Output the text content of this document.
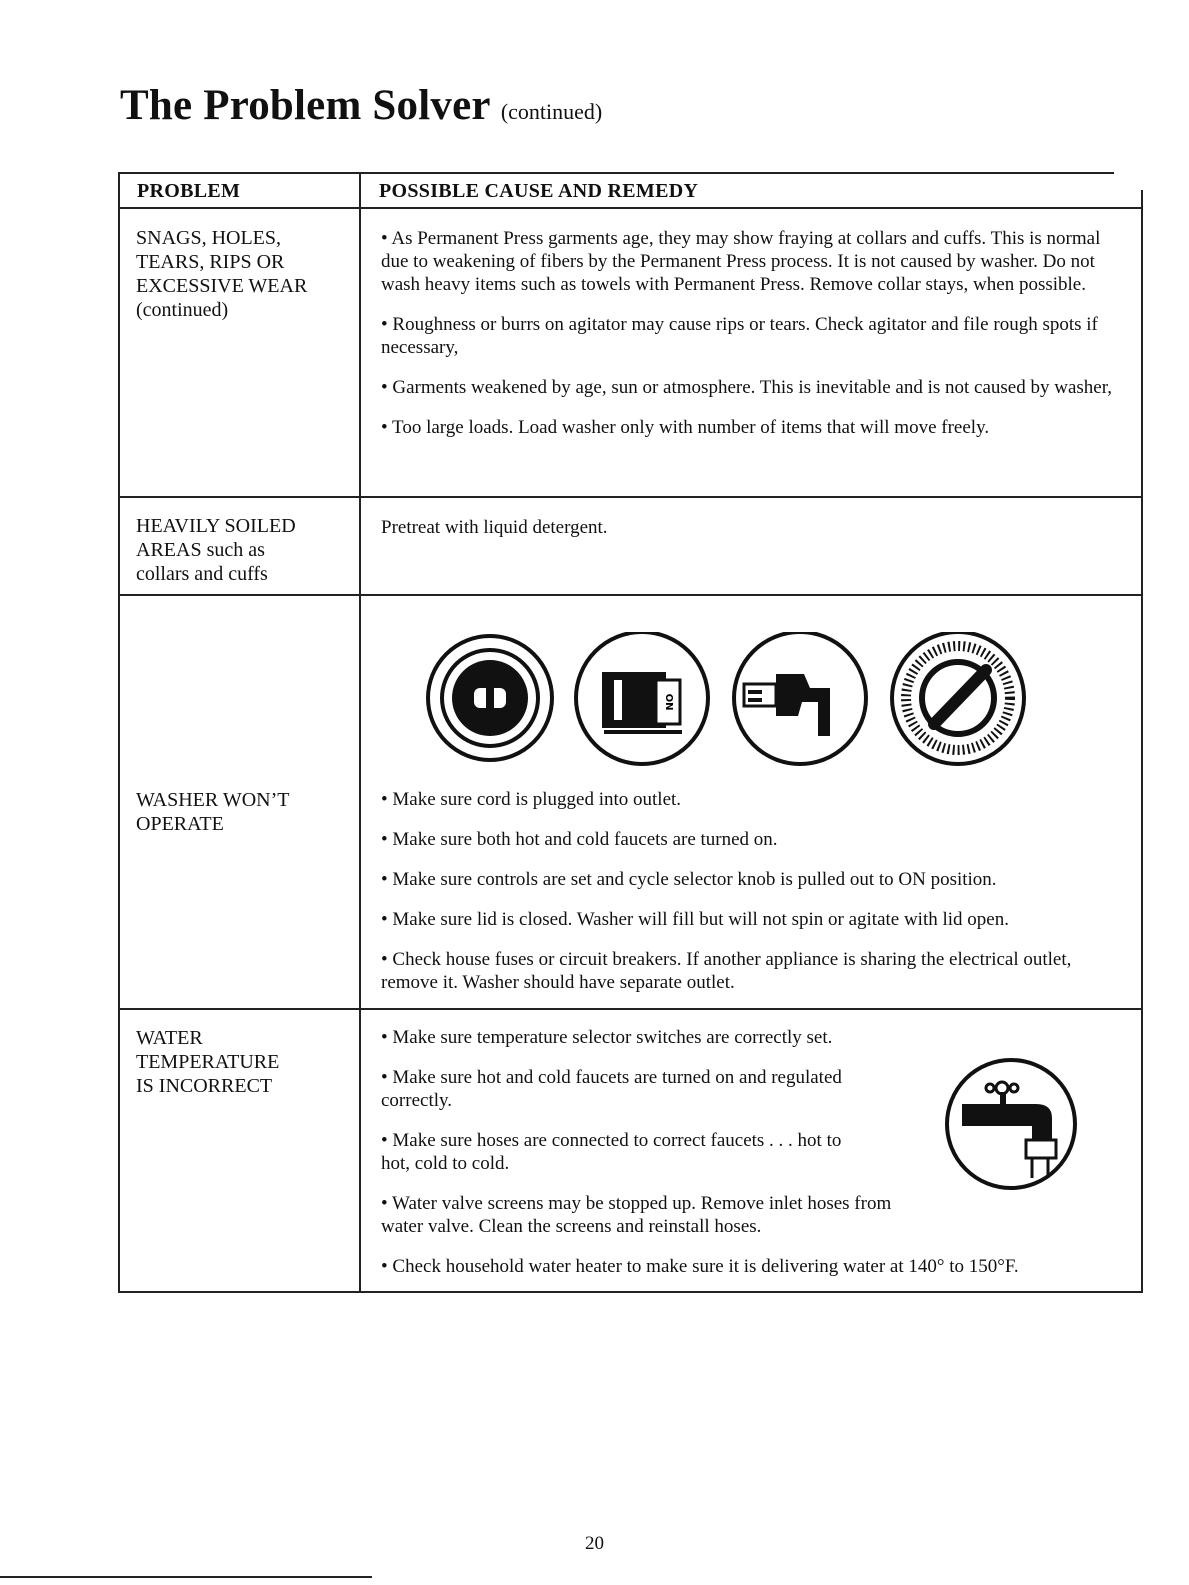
The Problem Solver (continued)
PROBLEM	POSSIBLE CAUSE AND REMEDY
SNAGS, HOLES,
TEARS, RIPS OR
EXCESSIVE WEAR
(continued)

• As Permanent Press garments age, they may show fraying at collars and cuffs. This is normal due to weakening of fibers by the Permanent Press process. It is not caused by washer. Do not wash heavy items such as towels with Permanent Press. Remove collar stays, when possible.

• Roughness or burrs on agitator may cause rips or tears. Check agitator and file rough spots if necessary,

• Garments weakened by age, sun or atmosphere. This is inevitable and is not caused by washer,

• Too large loads. Load washer only with number of items that will move freely.

HEAVILY SOILED
AREAS such as
collars and cuffs

Pretreat with liquid detergent.

ON
WASHER WON’T
OPERATE

• Make sure cord is plugged into outlet.

• Make sure both hot and cold faucets are turned on.

• Make sure controls are set and cycle selector knob is pulled out to ON position.

• Make sure lid is closed. Washer will fill but will not spin or agitate with lid open.

• Check house fuses or circuit breakers. If another appliance is sharing the electrical outlet, remove it. Washer should have separate outlet.

WATER
TEMPERATURE
IS INCORRECT

• Make sure temperature selector switches are correctly set.

• Make sure hot and cold faucets are turned on and regulated correctly.

• Make sure hoses are connected to correct faucets . . . hot to hot, cold to cold.

• Water valve screens may be stopped up. Remove inlet hoses from water valve. Clean the screens and reinstall hoses.

• Check household water heater to make sure it is delivering water at 140° to 150°F.

20
